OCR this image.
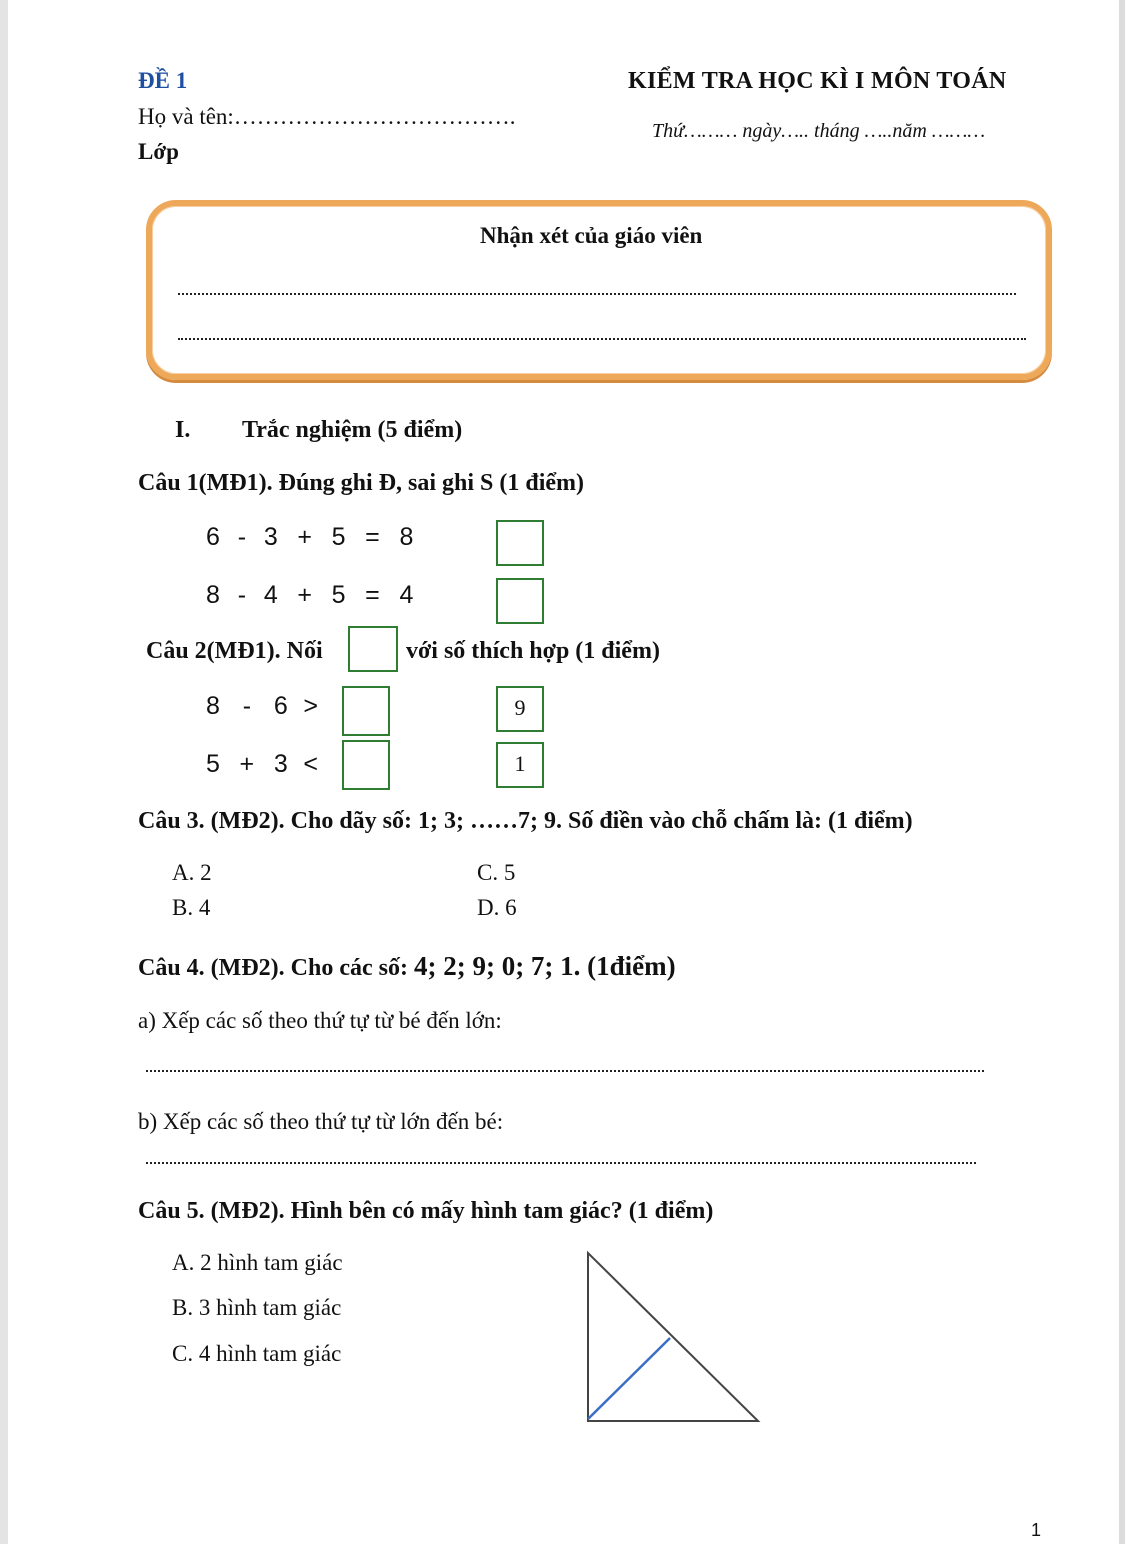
ĐỀ 1	KIỂM TRA HỌC KÌ I MÔN TOÁN
Họ và tên:……………………………….
Thứ……… ngày….. tháng …..năm ………
Lớp
Nhận xét của giáo viên
I. Trắc nghiệm (5 điểm)
Câu 1(MĐ1). Đúng ghi Đ, sai ghi S (1 điểm)
6 - 3 + 5 = 8
8 - 4 + 5 = 4
Câu 2(MĐ1). Nối	với số thích hợp (1 điểm)
8 - 6 >	9
5 + 3 <	1
Câu 3. (MĐ2). Cho dãy số: 1; 3; ……7; 9. Số điền vào chỗ chấm là: (1 điểm)
A. 2
B. 4
C. 5
D. 6
Câu 4. (MĐ2). Cho các số: 4; 2; 9; 0; 7; 1. (1điểm)
a) Xếp các số theo thứ tự từ bé đến lớn:
b) Xếp các số theo thứ tự từ lớn đến bé:
Câu 5. (MĐ2). Hình bên có mấy hình tam giác? (1 điểm)
A. 2 hình tam giác
B. 3 hình tam giác
C. 4 hình tam giác
1
